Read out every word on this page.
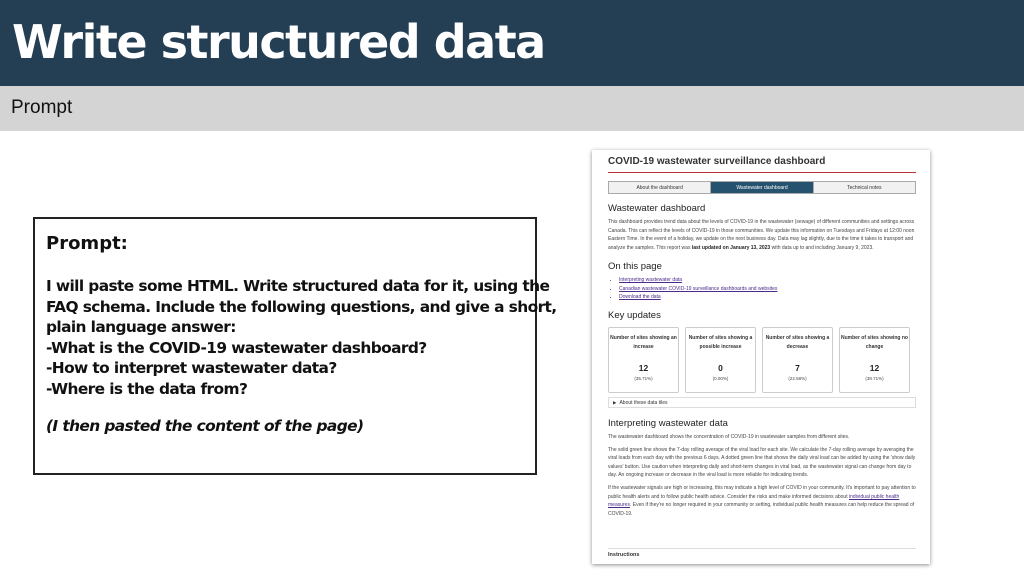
Write structured data
Prompt
Prompt:
I will paste some HTML. Write structured data for it, using the
FAQ schema. Include the following questions, and give a short,
plain language answer:
-What is the COVID-19 wastewater dashboard?
-How to interpret wastewater data?
-Where is the data from?
(I then pasted the content of the page)
COVID-19 wastewater surveillance dashboard
About the dashboard	Wastewater dashboard	Technical notes
Wastewater dashboard

This dashboard provides trend data about the levels of COVID-19 in the wastewater (sewage) of different communities and settings across Canada. This can reflect the levels of COVID-19 in those communities. We update this information on Tuesdays and Fridays at 12:00 noon Eastern Time. In the event of a holiday, we update on the next business day. Data may lag slightly, due to the time it takes to transport and analyze the samples. This report was last updated on January 13, 2023 with data up to and including January 9, 2023.

On this page
• Interpreting wastewater data
• Canadian wastewater COVID-19 surveillance dashboards and websites
• Download the data
Key updates
Number of sites showing an increase
12
(35.71%)
Number of sites showing a possible increase
0
(0.00%)
Number of sites showing a decrease
7
(22.58%)
Number of sites showing no change
12
(38.71%)
▶ About these data tiles
Interpreting wastewater data

The wastewater dashboard shows the concentration of COVID-19 in wastewater samples from different sites.

The solid green line shows the 7-day rolling average of the viral load for each site. We calculate the 7-day rolling average by averaging the viral loads from each day with the previous 6 days. A dotted green line that shows the daily viral load can be added by using the 'show daily values' button. Use caution when interpreting daily and short-term changes in viral load, as the wastewater signal can change from day to day. An ongoing increase or decrease in the viral load is more reliable for indicating trends.

If the wastewater signals are high or increasing, this may indicate a high level of COVID in your community. It's important to pay attention to public health alerts and to follow public health advice. Consider the risks and make informed decisions about individual public health measures. Even if they're no longer required in your community or setting, individual public health measures can help reduce the spread of COVID-19.

Instructions
